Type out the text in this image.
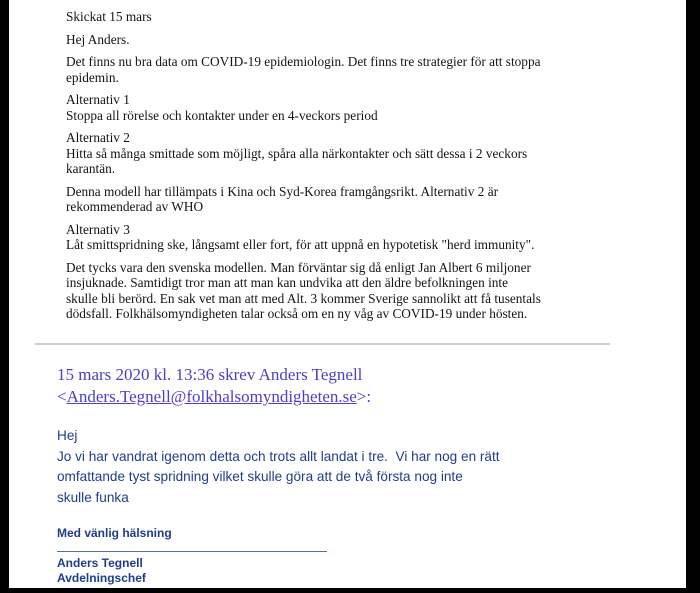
Skickat 15 mars
Hej Anders.
Det finns nu bra data om COVID-19 epidemiologin. Det finns tre strategier för att stoppa
epidemin.
Alternativ 1
Stoppa all rörelse och kontakter under en 4-veckors period
Alternativ 2
Hitta så många smittade som möjligt, spåra alla närkontakter och sätt dessa i 2 veckors
karantän.
Denna modell har tillämpats i Kina och Syd-Korea framgångsrikt. Alternativ 2 är
rekommenderad av WHO
Alternativ 3
Låt smittspridning ske, långsamt eller fort, för att uppnå en hypotetisk "herd immunity".
Det tycks vara den svenska modellen. Man förväntar sig då enligt Jan Albert 6 miljoner
insjuknade. Samtidigt tror man att man kan undvika att den äldre befolkningen inte
skulle bli berörd. En sak vet man att med Alt. 3 kommer Sverige sannolikt att få tusentals
dödsfall. Folkhälsomyndigheten talar också om en ny våg av COVID-19 under hösten.
15 mars 2020 kl. 13:36 skrev Anders Tegnell
<Anders.Tegnell@folkhalsomyndigheten.se>:
Hej
Jo vi har vandrat igenom detta och trots allt landat i tre.  Vi har nog en rätt
omfattande tyst spridning vilket skulle göra att de två första nog inte
skulle funka
Med vänlig hälsning
Anders Tegnell
Avdelningschef
